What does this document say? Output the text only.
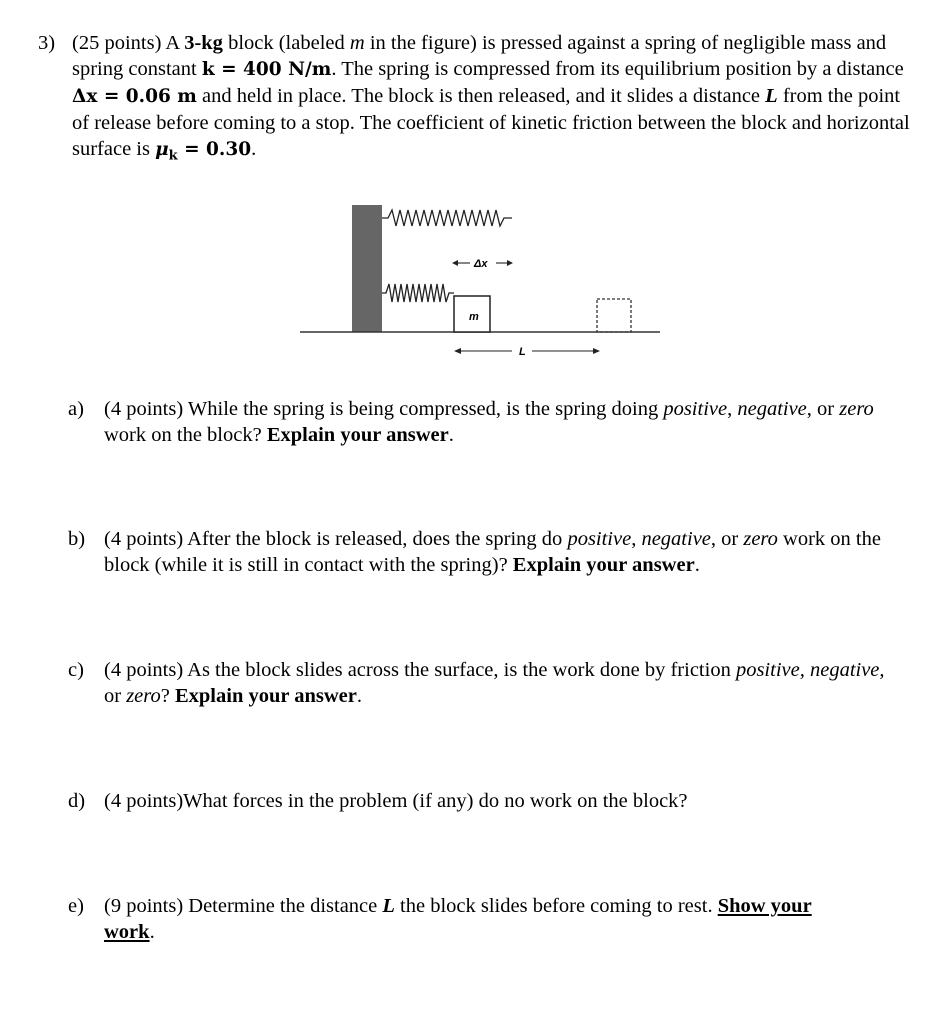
3) (25 points) A 3-kg block (labeled m in the figure) is pressed against a spring of negligible mass and spring constant k = 400 N/m. The spring is compressed from its equilibrium position by a distance Δx = 0.06 m and held in place. The block is then released, and it slides a distance L from the point of release before coming to a stop. The coefficient of kinetic friction between the block and horizontal surface is $\mu_k = 0.30$.
Δx
m
L
a) (4 points) While the spring is being compressed, is the spring doing positive, negative, or zero work on the block? Explain your answer.
b) (4 points) After the block is released, does the spring do positive, negative, or zero work on the block (while it is still in contact with the spring)? Explain your answer.
c) (4 points) As the block slides across the surface, is the work done by friction positive, negative, or zero? Explain your answer.
d) (4 points)What forces in the problem (if any) do no work on the block?
e) (9 points) Determine the distance L the block slides before coming to rest. Show your
work.
